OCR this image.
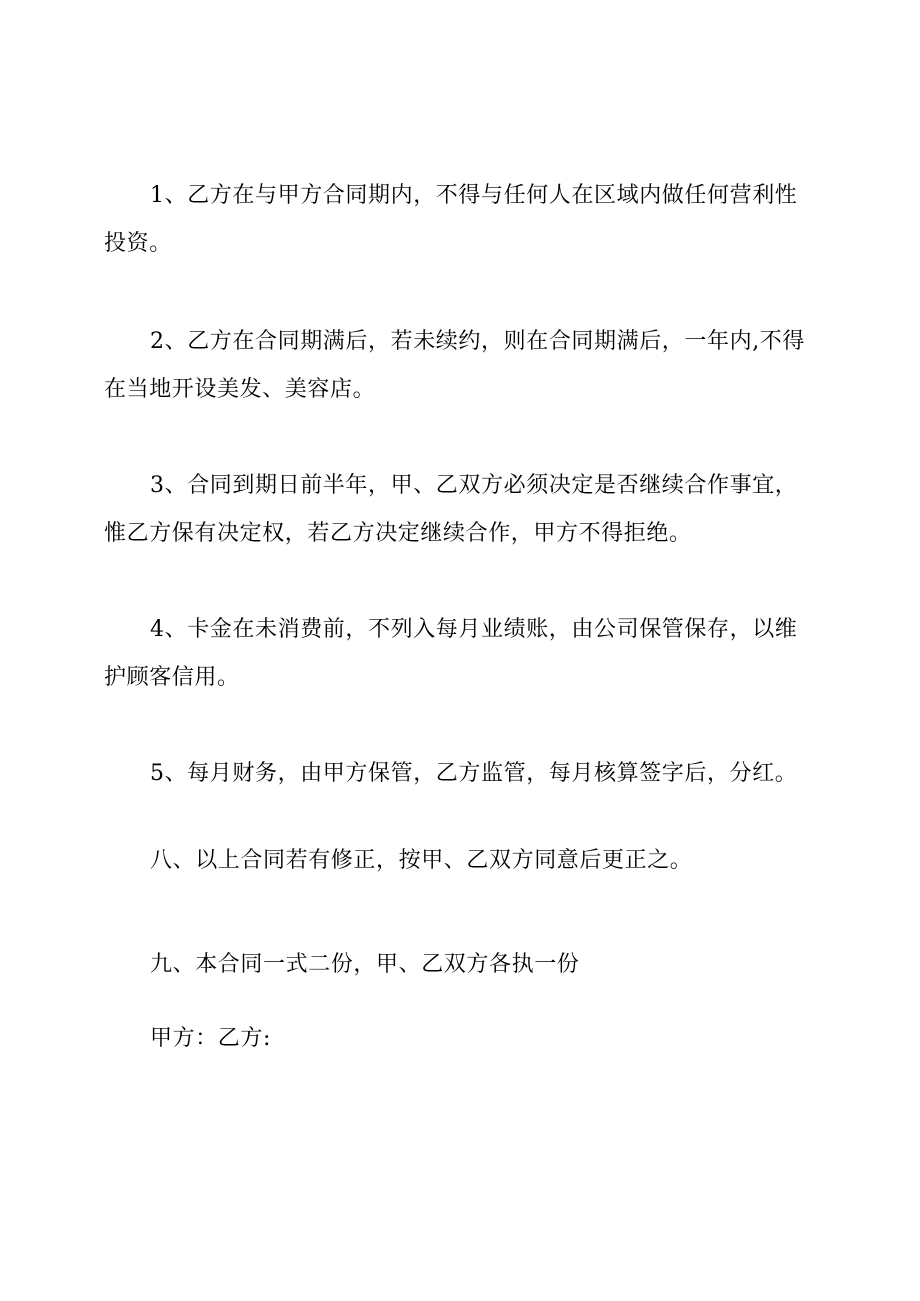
1、乙方在与甲方合同期内，不得与任何人在区域内做任何营利性投资。

2、乙方在合同期满后，若未续约，则在合同期满后，一年内,不得在当地开设美发、美容店。

3、合同到期日前半年，甲、乙双方必须决定是否继续合作事宜，惟乙方保有决定权，若乙方决定继续合作，甲方不得拒绝。

4、卡金在未消费前，不列入每月业绩账，由公司保管保存，以维护顾客信用。

5、每月财务，由甲方保管，乙方监管，每月核算签字后，分红。

八、以上合同若有修正，按甲、乙双方同意后更正之。

九、本合同一式二份，甲、乙双方各执一份

甲方：乙方:
